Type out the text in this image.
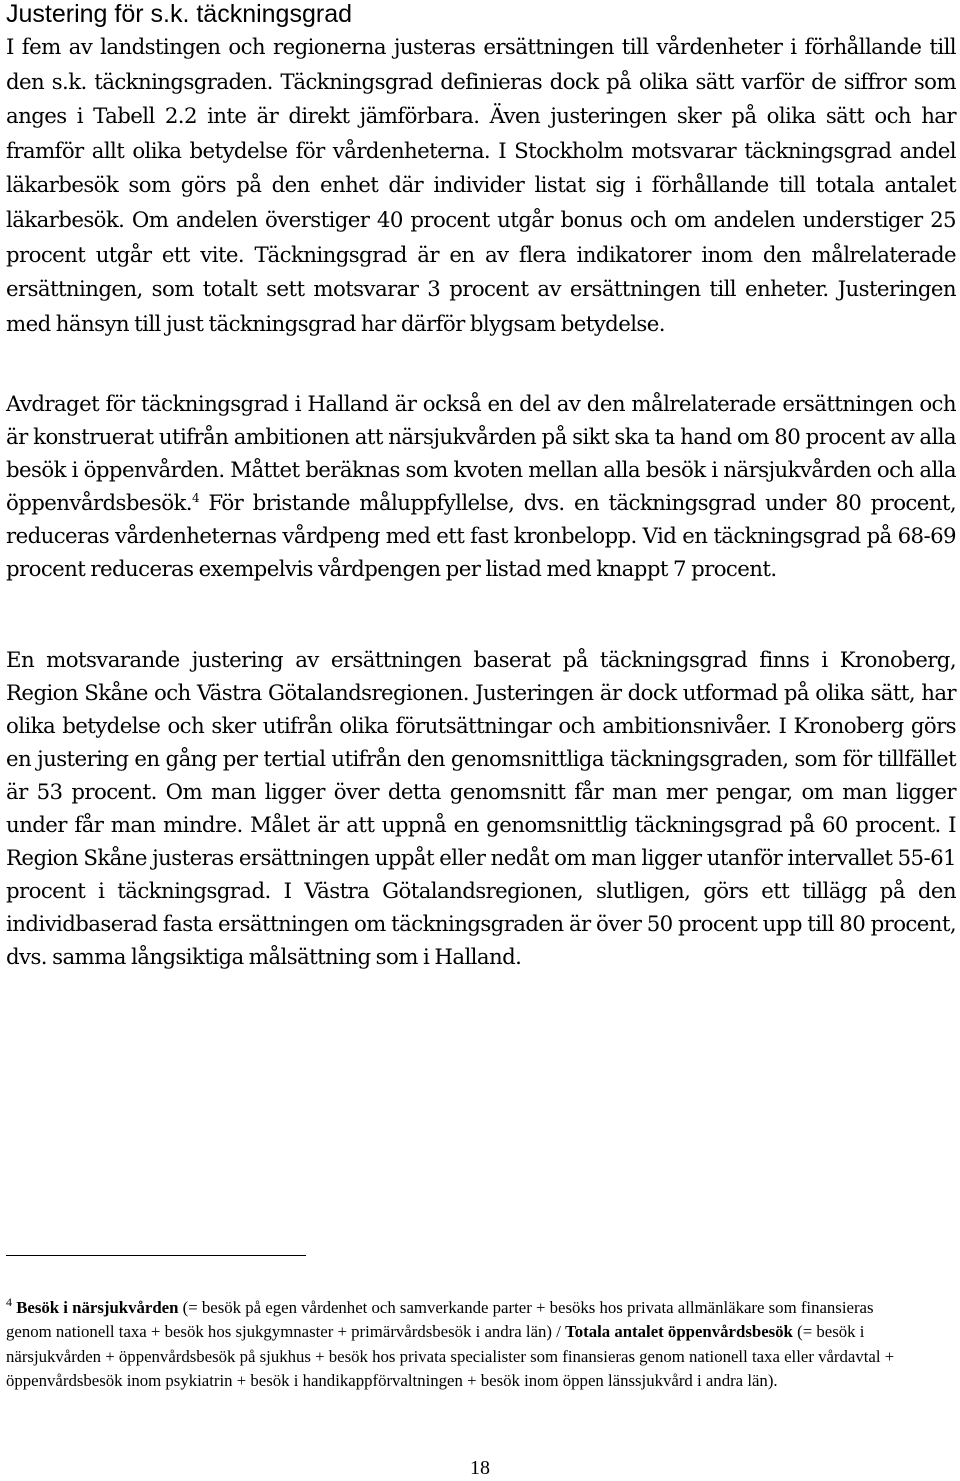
Justering för s.k. täckningsgrad

I fem av landstingen och regionerna justeras ersättningen till vårdenheter i förhållande till den s.k. täckningsgraden. Täckningsgrad definieras dock på olika sätt varför de siffror som anges i Tabell 2.2 inte är direkt jämförbara. Även justeringen sker på olika sätt och har framför allt olika betydelse för vårdenheterna. I Stockholm motsvarar täckningsgrad andel läkarbesök som görs på den enhet där individer listat sig i förhållande till totala antalet läkarbesök. Om andelen överstiger 40 procent utgår bonus och om andelen understiger 25 procent utgår ett vite. Täckningsgrad är en av flera indikatorer inom den målrelaterade ersättningen, som totalt sett motsvarar 3 procent av ersättningen till enheter. Justeringen med hänsyn till just täckningsgrad har därför blygsam betydelse.

Avdraget för täckningsgrad i Halland är också en del av den målrelaterade ersättningen och är konstruerat utifrån ambitionen att närsjukvården på sikt ska ta hand om 80 procent av alla besök i öppenvården. Måttet beräknas som kvoten mellan alla besök i närsjukvården och alla öppenvårdsbesök.$^4$ För bristande måluppfyllelse, dvs. en täckningsgrad under 80 procent, reduceras vårdenheternas vårdpeng med ett fast kronbelopp. Vid en täckningsgrad på 68-69 procent reduceras exempelvis vårdpengen per listad med knappt 7 procent.

En motsvarande justering av ersättningen baserat på täckningsgrad finns i Kronoberg, Region Skåne och Västra Götalandsregionen. Justeringen är dock utformad på olika sätt, har olika betydelse och sker utifrån olika förutsättningar och ambitionsnivåer. I Kronoberg görs en justering en gång per tertial utifrån den genomsnittliga täckningsgraden, som för tillfället är 53 procent. Om man ligger över detta genomsnitt får man mer pengar, om man ligger under får man mindre. Målet är att uppnå en genomsnittlig täckningsgrad på 60 procent. I Region Skåne justeras ersättningen uppåt eller nedåt om man ligger utanför intervallet 55-61 procent i täckningsgrad. I Västra Götalandsregionen, slutligen, görs ett tillägg på den individbaserad fasta ersättningen om täckningsgraden är över 50 procent upp till 80 procent, dvs. samma långsiktiga målsättning som i Halland.

$^4$ Besök i närsjukvården (= besök på egen vårdenhet och samverkande parter + besöks hos privata allmänläkare som finansieras genom nationell taxa + besök hos sjukgymnaster + primärvårdsbesök i andra län) / Totala antalet öppenvårdsbesök (= besök i närsjukvården + öppenvårdsbesök på sjukhus + besök hos privata specialister som finansieras genom nationell taxa eller vårdavtal + öppenvårdsbesök inom psykiatrin + besök i handikappförvaltningen + besök inom öppen länssjukvård i andra län).

18
